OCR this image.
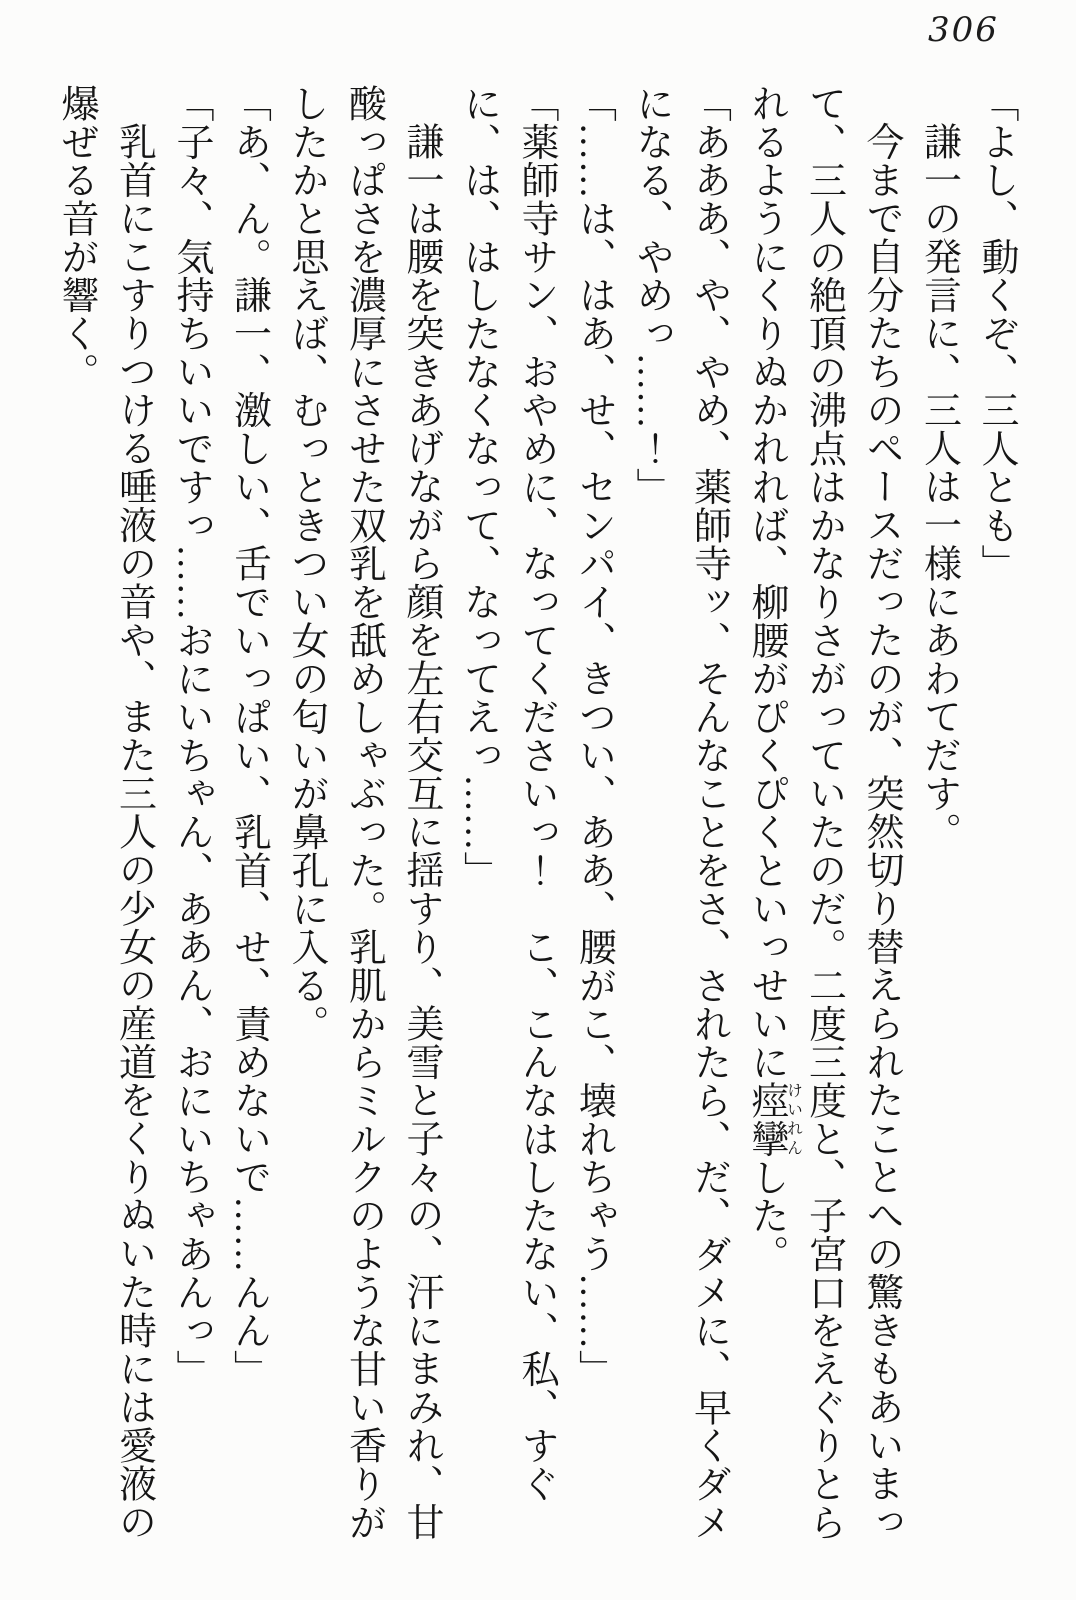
306

「よし、動くぞ、三人とも」

謙一の発言に、三人は一様にあわてだす。

今まで自分たちのペースだったのが、突然切り替えられたことへの驚きもあいまって、三人の絶頂の沸点はかなりさがっていたのだ。二度三度と、子宮口をえぐりとられるようにくりぬかれれば、柳腰がぴくぴくといっせいに痙攣けいれんした。

「あああ、や、やめ、薬師寺ッ、そんなことをさ、されたら、だ、ダメに、早くダメになる、やめっ……！」

「……は、はあ、せ、センパイ、きつい、ああ、腰がこ、壊れちゃう……」

「薬師寺サン、おやめに、なってくださいっ！　こ、こんなはしたない、私、すぐに、は、はしたなくなって、なってえっ……」

謙一は腰を突きあげながら顔を左右交互に揺すり、美雪と子々の、汗にまみれ、甘酸っぱさを濃厚にさせた双乳を舐めしゃぶった。乳肌からミルクのような甘い香りがしたかと思えば、むっときつい女の匂いが鼻孔に入る。

「あ、ん。謙一、激しい、舌でいっぱい、乳首、せ、責めないで……んん」

「子々、気持ちいいですっ……おにいちゃん、ああん、おにいちゃあんっ」

乳首にこすりつける唾液の音や、また三人の少女の産道をくりぬいた時には愛液の爆ぜる音が響く。
